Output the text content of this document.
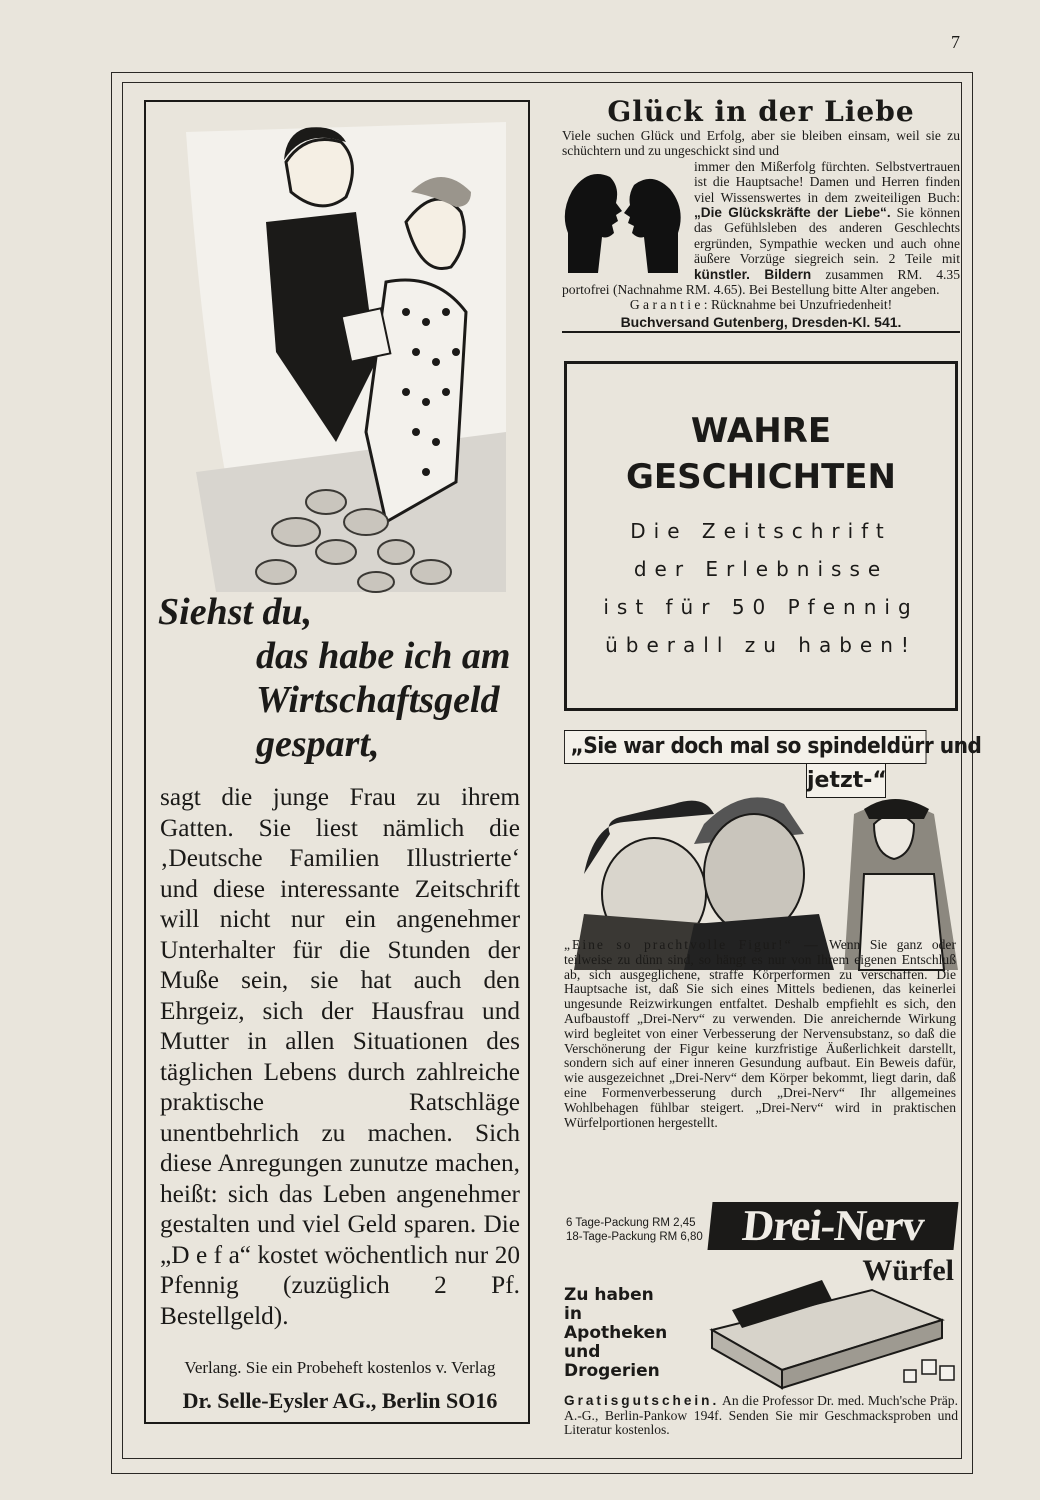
7
Siehst du,
das habe ich am
Wirtschaftsgeld
gespart,

sagt die junge Frau zu ihrem Gatten. Sie liest nämlich die ‚Deutsche Familien Illustrierte‘ und diese interessante Zeitschrift will nicht nur ein angenehmer Unterhalter für die Stunden der Muße sein, sie hat auch den Ehrgeiz, sich der Hausfrau und Mutter in allen Situationen des täglichen Lebens durch zahlreiche praktische Ratschläge unentbehrlich zu machen. Sich diese Anregungen zunutze machen, heißt: sich das Leben angenehmer gestalten und viel Geld sparen. Die „D e f a“ kostet wöchentlich nur 20 Pfennig (zuzüglich 2 Pf. Bestellgeld).

Verlang. Sie ein Probeheft kostenlos v. Verlag
Dr. Selle-Eysler AG., Berlin SO16
Glück in der Liebe

Viele suchen Glück und Erfolg, aber sie bleiben einsam, weil sie zu schüchtern und zu ungeschickt sind und

immer den Mißerfolg fürchten. Selbstvertrauen ist die Hauptsache! Damen und Herren finden viel Wissenswertes in dem zweiteiligen Buch: „Die Glückskräfte der Liebe“. Sie können das Gefühlsleben des anderen Geschlechts ergründen, Sympathie wecken und auch ohne äußere Vorzüge siegreich sein. 2 Teile mit künstler. Bildern zusammen RM. 4.35 portofrei (Nachnahme RM. 4.65). Bei Bestellung bitte Alter angeben.

G a r a n t i e : Rücknahme bei Unzufriedenheit!

Buchversand Gutenberg, Dresden-Kl. 541.
WAHRE
GESCHICHTEN
Die Zeitschrift
der Erlebnisse
ist für 50 Pfennig
überall zu haben!
„Sie war doch mal so spindeldürr und
jetzt-“

„Eine so prachtvolle Figur!“ — Wenn Sie ganz oder teilweise zu dünn sind, so hängt es nur von Ihrem eigenen Entschluß ab, sich ausgeglichene, straffe Körperformen zu verschaffen. Die Hauptsache ist, daß Sie sich eines Mittels bedienen, das keinerlei ungesunde Reizwirkungen entfaltet. Deshalb empfiehlt es sich, den Aufbaustoff „Drei-Nerv“ zu verwenden. Die anreichernde Wirkung wird begleitet von einer Verbesserung der Nervensubstanz, so daß die Verschönerung der Figur keine kurzfristige Äußerlichkeit darstellt, sondern sich auf einer inneren Gesundung aufbaut. Ein Beweis dafür, wie ausgezeichnet „Drei-Nerv“ dem Körper bekommt, liegt darin, daß eine Formenverbesserung durch „Drei-Nerv“ Ihr allgemeines Wohlbehagen fühlbar steigert. „Drei-Nerv“ wird in praktischen Würfelportionen hergestellt.

6 Tage-Packung RM 2,45
18-Tage-Packung RM 6,80 Drei-Nerv
Würfel
Zu haben
in
Apotheken
und
Drogerien

Gratisgutschein. An die Professor Dr. med. Much'sche Präp. A.-G., Berlin-Pankow 194f. Senden Sie mir Geschmacksproben und Literatur kostenlos.
